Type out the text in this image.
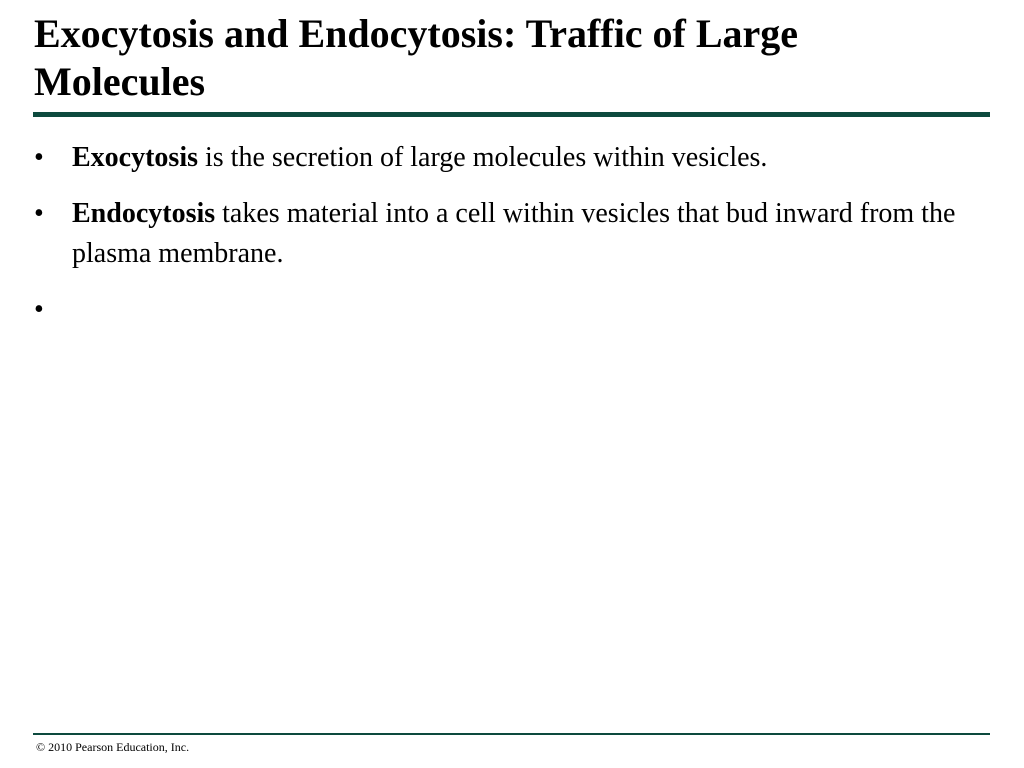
Exocytosis and Endocytosis: Traffic of Large Molecules
•	Exocytosis is the secretion of large molecules within vesicles.
•	Endocytosis takes material into a cell within vesicles that bud inward from the plasma membrane.
•
© 2010 Pearson Education, Inc.
